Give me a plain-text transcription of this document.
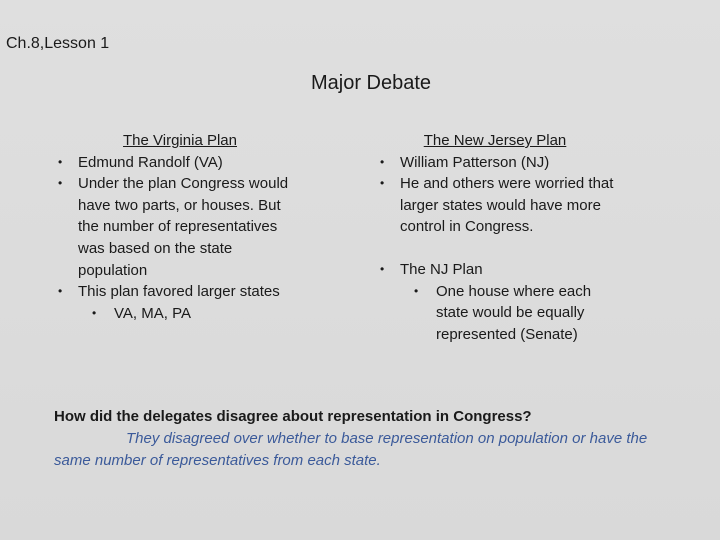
Ch.8,Lesson 1
Major Debate
The Virginia Plan
• Edmund Randolf (VA)
• Under the plan Congress would have two parts, or houses. But the number of representatives was based on the state population
• This plan favored larger states
• VA, MA, PA
The New Jersey Plan
• William Patterson (NJ)
• He and others were worried that larger states would have more control in Congress.
• The NJ Plan
• One house where each state would be equally represented (Senate)
How did the delegates disagree about representation in Congress?
They disagreed over whether to base representation on population or have the same number of representatives from each state.
